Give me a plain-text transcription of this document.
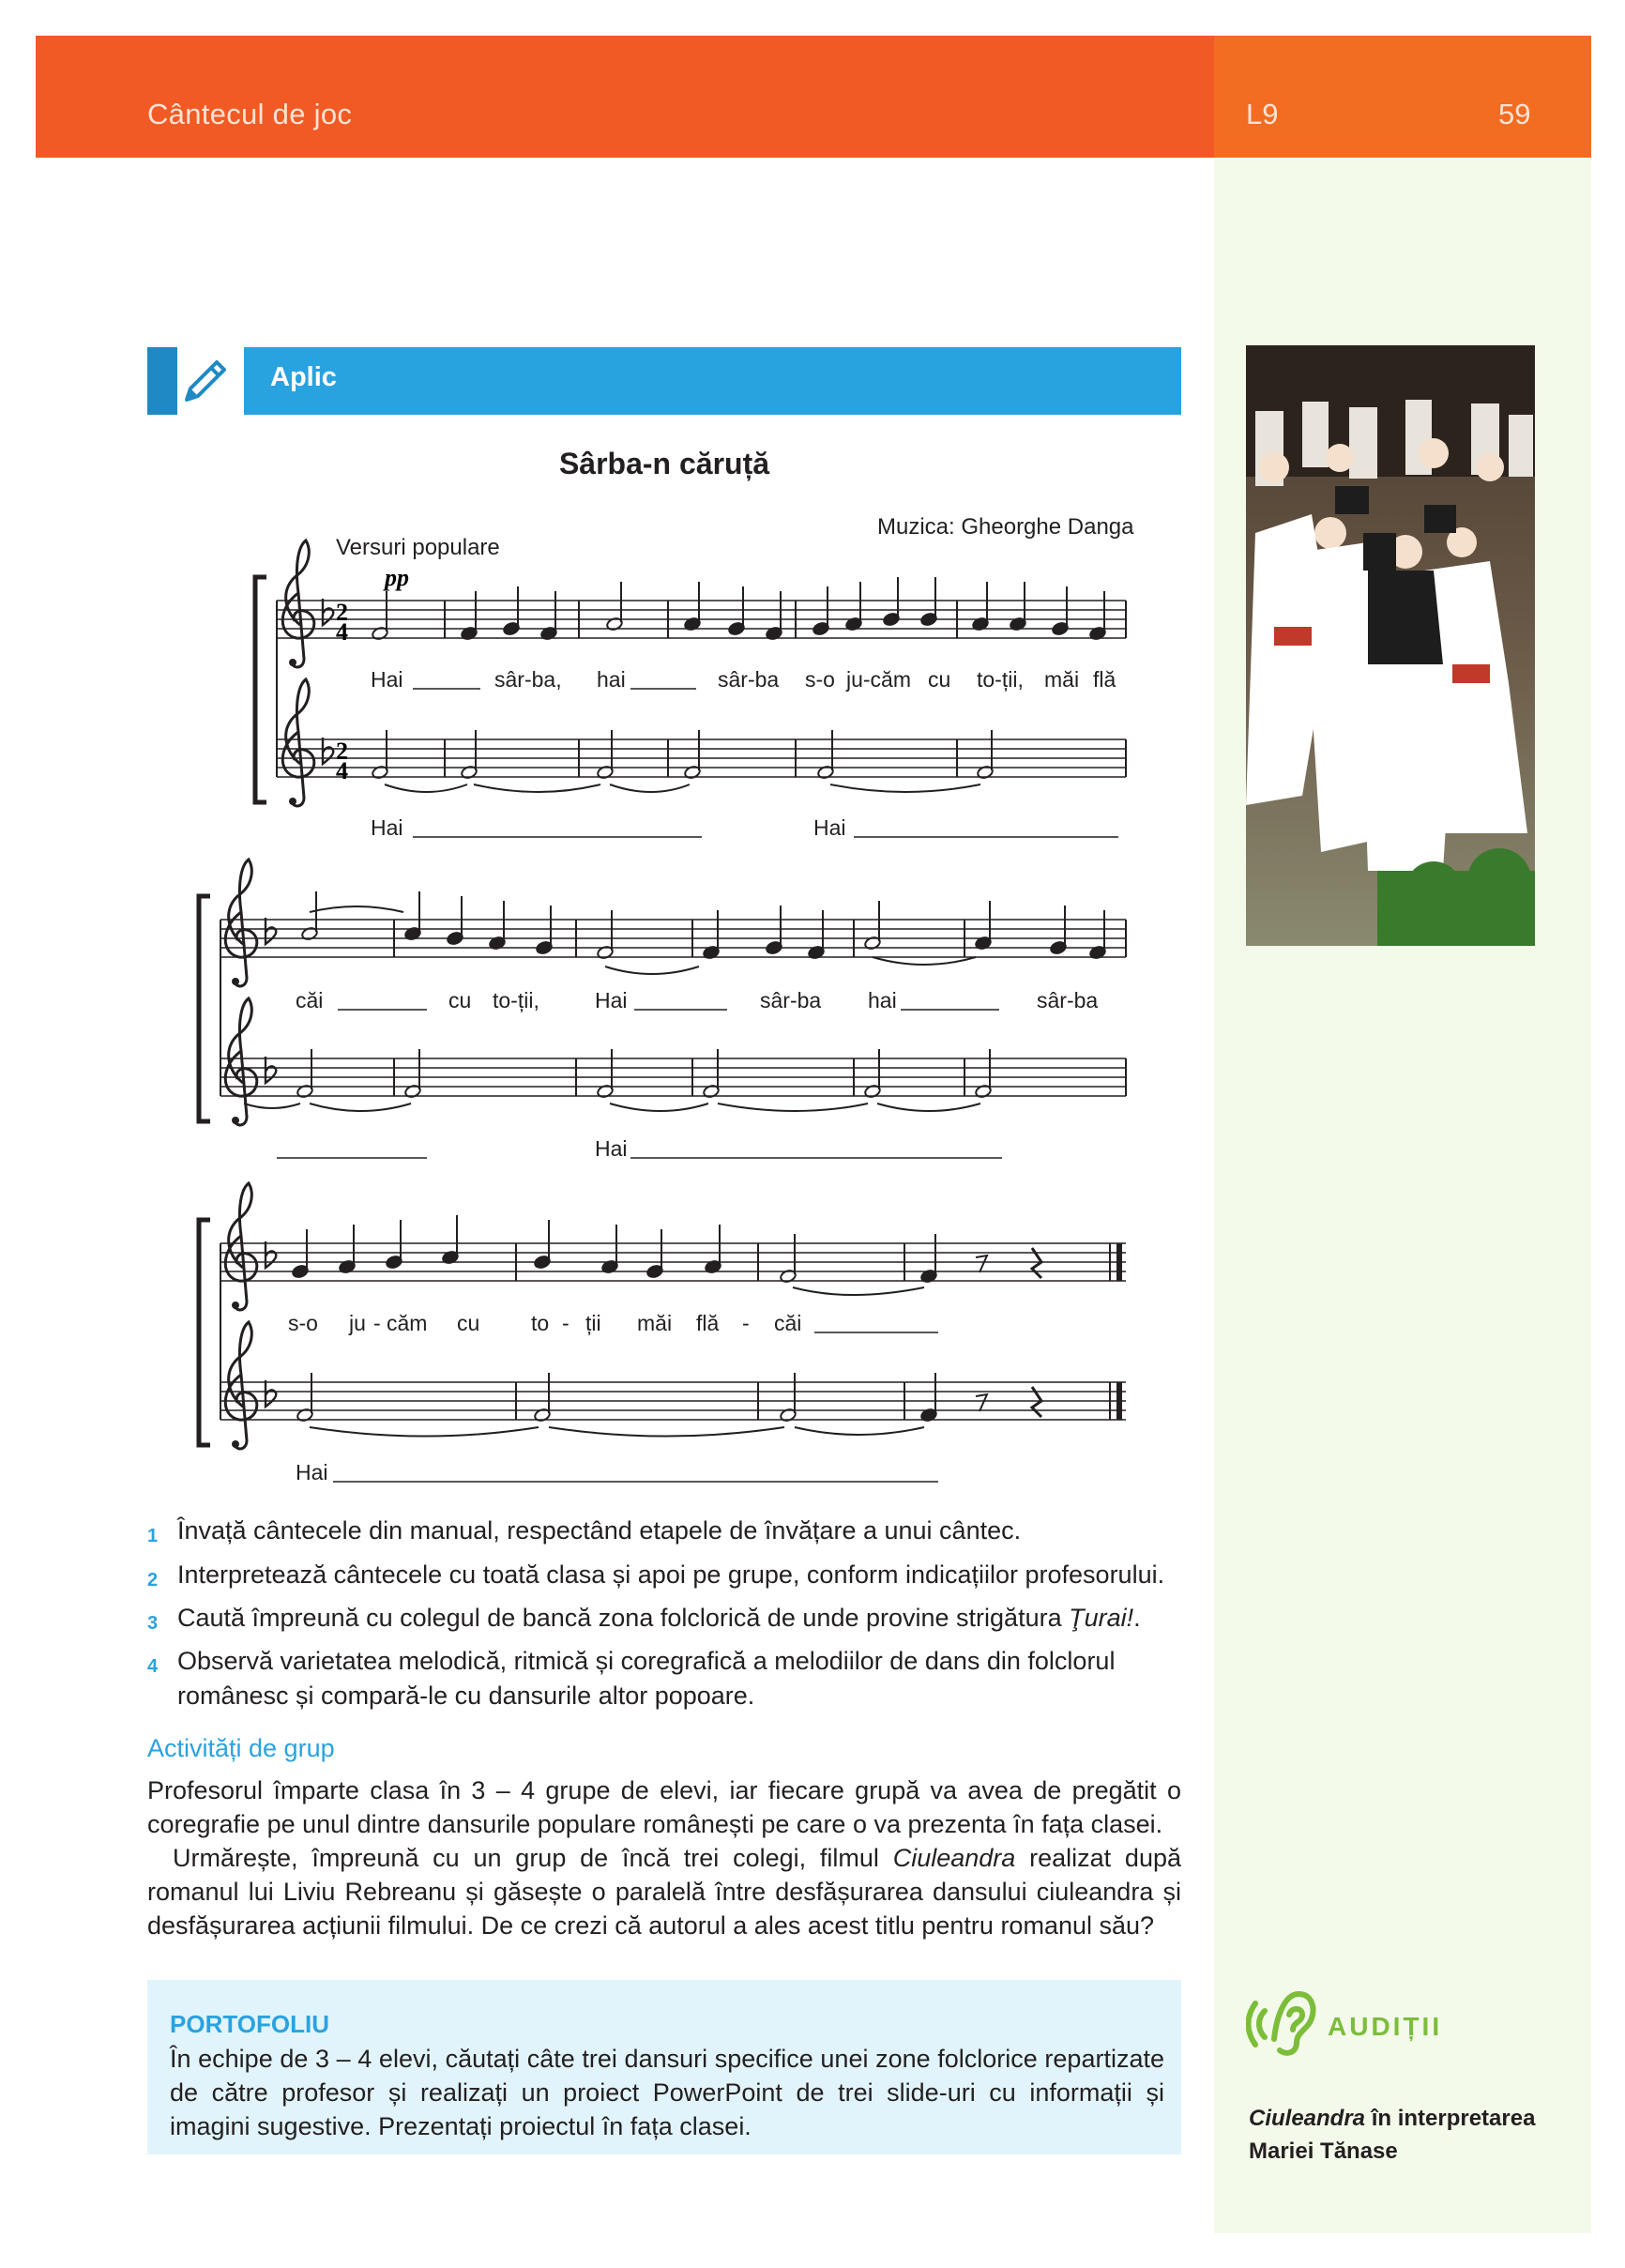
Cântecul de joc	L9	59
AUDIȚII
Ciuleandra în interpretarea Mariei Tănase
Aplic
Sârba-n căruță
Versuri populare
Muzica: Gheorghe Danga
2
4
2
4
pp
Hai	sâr-ba, hai	sâr-ba s-o ju-căm cu to-ții, măi flă
Hai	Hai
căi	cu to-ții,	Hai	sâr-ba hai	sâr-ba
Hai
s-o ju - căm cu to - ții măi flă - căi
Hai
1 Învață cântecele din manual, respectând etapele de învățare a unui cântec.
2 Interpretează cântecele cu toată clasa și apoi pe grupe, conform indicațiilor profesorului.
3 Caută împreună cu colegul de bancă zona folclorică de unde provine strigătura Ţurai!.
4 Observă varietatea melodică, ritmică și coregrafică a melodiilor de dans din folclorul românesc și compară-le cu dansurile altor popoare.
Activități de grup
Profesorul împarte clasa în 3 – 4 grupe de elevi, iar fiecare grupă va avea de pregătit o coregrafie pe unul dintre dansurile populare românești pe care o va prezenta în fața clasei.
Urmărește, împreună cu un grup de încă trei colegi, filmul Ciuleandra realizat după romanul lui Liviu Rebreanu și găsește o paralelă între desfășurarea dansului ciuleandra și desfășurarea acțiunii filmului. De ce crezi că autorul a ales acest titlu pentru romanul său?
PORTOFOLIU
În echipe de 3 – 4 elevi, căutați câte trei dansuri specifice unei zone folclorice repartizate de către profesor și realizați un proiect PowerPoint de trei slide-uri cu informații și imagini sugestive. Prezentați proiectul în fața clasei.
